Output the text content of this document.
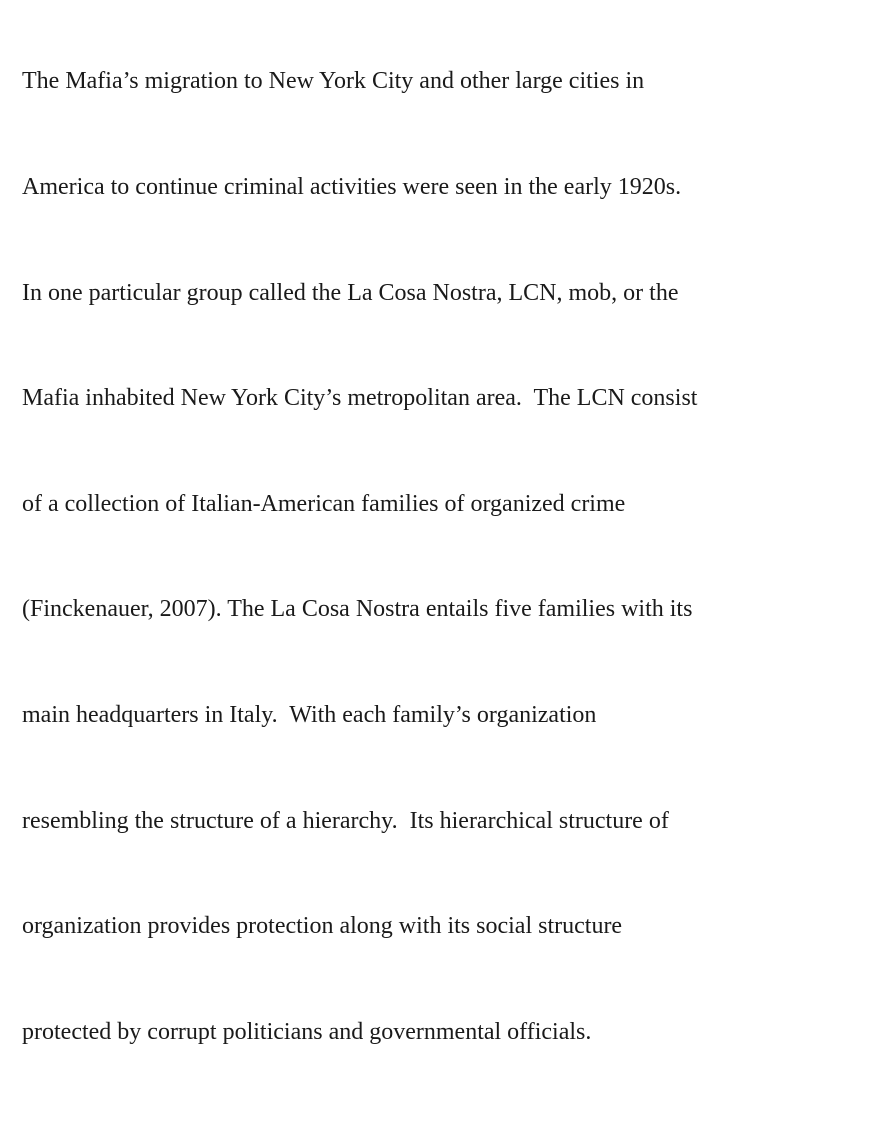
The Mafia’s migration to New York City and other large cities in

America to continue criminal activities were seen in the early 1920s.

In one particular group called the La Cosa Nostra, LCN, mob, or the

Mafia inhabited New York City’s metropolitan area.  The LCN consist

of a collection of Italian-American families of organized crime

(Finckenauer, 2007). The La Cosa Nostra entails five families with its

main headquarters in Italy.  With each family’s organization

resembling the structure of a hierarchy.  Its hierarchical structure of

organization provides protection along with its social structure

protected by corrupt politicians and governmental officials.
